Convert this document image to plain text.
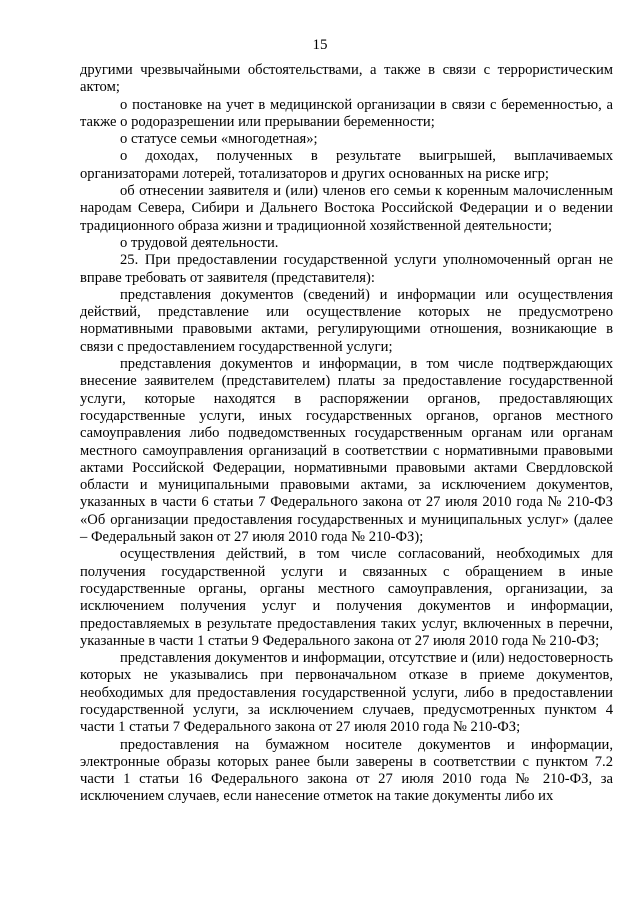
15

другими чрезвычайными обстоятельствами, а также в связи с террористическим актом;

о постановке на учет в медицинской организации в связи с беременностью, а также о родоразрешении или прерывании беременности;

о статусе семьи «многодетная»;

о доходах, полученных в результате выигрышей, выплачиваемых организаторами лотерей, тотализаторов и других основанных на риске игр;

об отнесении заявителя и (или) членов его семьи к коренным малочисленным народам Севера, Сибири и Дальнего Востока Российской Федерации и о ведении традиционного образа жизни и традиционной хозяйственной деятельности;

о трудовой деятельности.

25. При предоставлении государственной услуги уполномоченный орган не вправе требовать от заявителя (представителя):

представления документов (сведений) и информации или осуществления действий, представление или осуществление которых не предусмотрено нормативными правовыми актами, регулирующими отношения, возникающие в связи с предоставлением государственной услуги;

представления документов и информации, в том числе подтверждающих внесение заявителем (представителем) платы за предоставление государственной услуги, которые находятся в распоряжении органов, предоставляющих государственные услуги, иных государственных органов, органов местного самоуправления либо подведомственных государственным органам или органам местного самоуправления организаций в соответствии с нормативными правовыми актами Российской Федерации, нормативными правовыми актами Свердловской области и муниципальными правовыми актами, за исключением документов, указанных в части 6 статьи 7 Федерального закона от 27 июля 2010 года № 210-ФЗ «Об организации предоставления государственных и муниципальных услуг» (далее – Федеральный закон от 27 июля 2010 года № 210-ФЗ);

осуществления действий, в том числе согласований, необходимых для получения государственной услуги и связанных с обращением в иные государственные органы, органы местного самоуправления, организации, за исключением получения услуг и получения документов и информации, предоставляемых в результате предоставления таких услуг, включенных в перечни, указанные в части 1 статьи 9 Федерального закона от 27 июля 2010 года № 210-ФЗ;

представления документов и информации, отсутствие и (или) недостоверность которых не указывались при первоначальном отказе в приеме документов, необходимых для предоставления государственной услуги, либо в предоставлении государственной услуги, за исключением случаев, предусмотренных пунктом 4 части 1 статьи 7 Федерального закона от 27 июля 2010 года № 210-ФЗ;

предоставления на бумажном носителе документов и информации, электронные образы которых ранее были заверены в соответствии с пунктом 7.2 части 1 статьи 16 Федерального закона от 27 июля 2010 года № 210-ФЗ, за исключением случаев, если нанесение отметок на такие документы либо их
